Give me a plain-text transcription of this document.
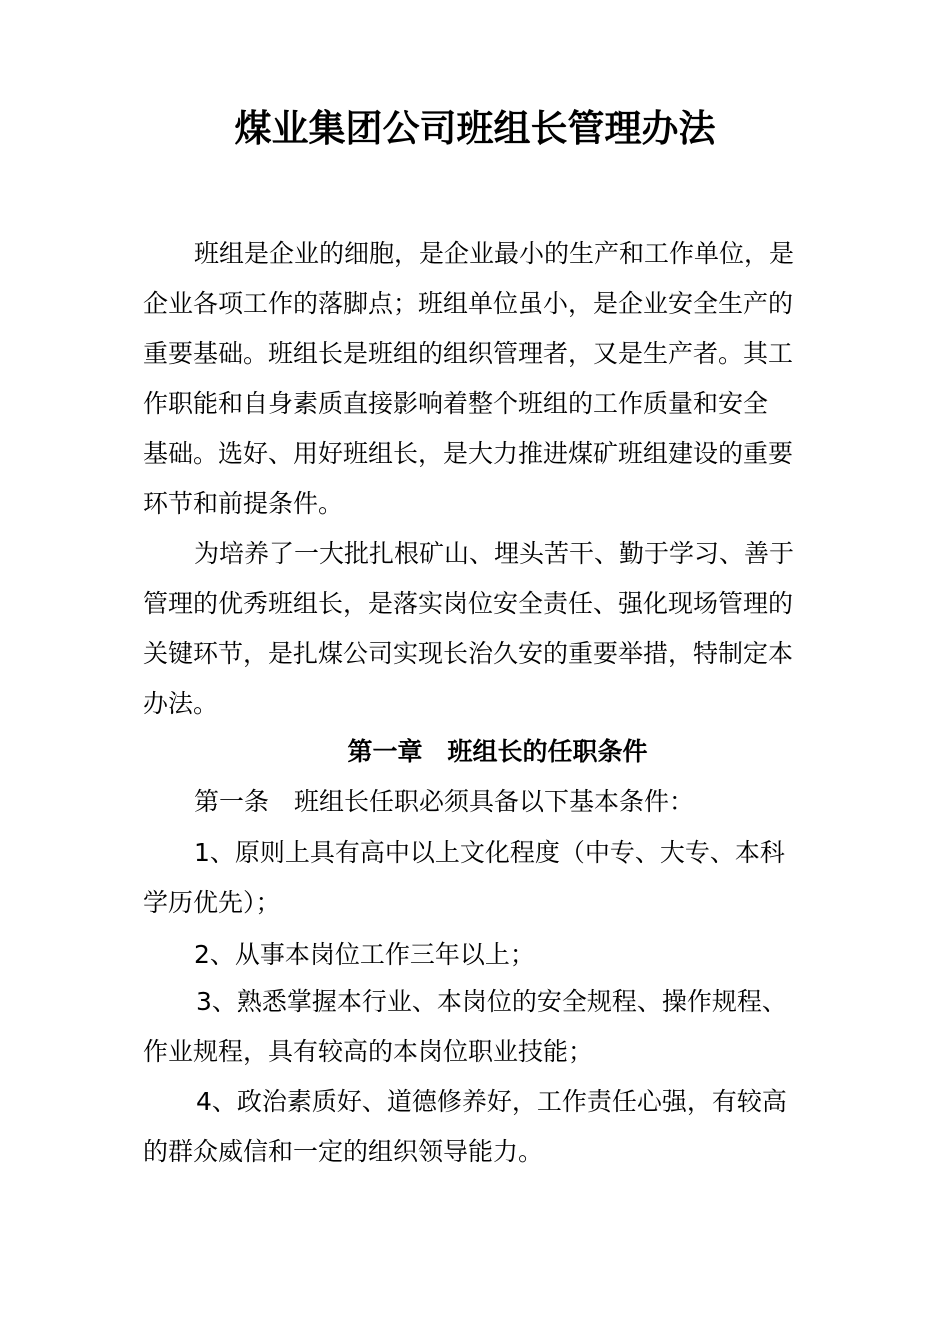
煤业集团公司班组长管理办法
班组是企业的细胞，是企业最小的生产和工作单位，是
企业各项工作的落脚点；班组单位虽小，是企业安全生产的
重要基础。班组长是班组的组织管理者，又是生产者。其工
作职能和自身素质直接影响着整个班组的工作质量和安全
基础。选好、用好班组长，是大力推进煤矿班组建设的重要
环节和前提条件。
为培养了一大批扎根矿山、埋头苦干、勤于学习、善于
管理的优秀班组长，是落实岗位安全责任、强化现场管理的
关键环节，是扎煤公司实现长治久安的重要举措，特制定本
办法。
第一章　班组长的任职条件
第一条　班组长任职必须具备以下基本条件：
1、原则上具有高中以上文化程度（中专、大专、本科
学历优先）；
2、从事本岗位工作三年以上；
3、熟悉掌握本行业、本岗位的安全规程、操作规程、
作业规程，具有较高的本岗位职业技能；
4、政治素质好、道德修养好，工作责任心强，有较高
的群众威信和一定的组织领导能力。
